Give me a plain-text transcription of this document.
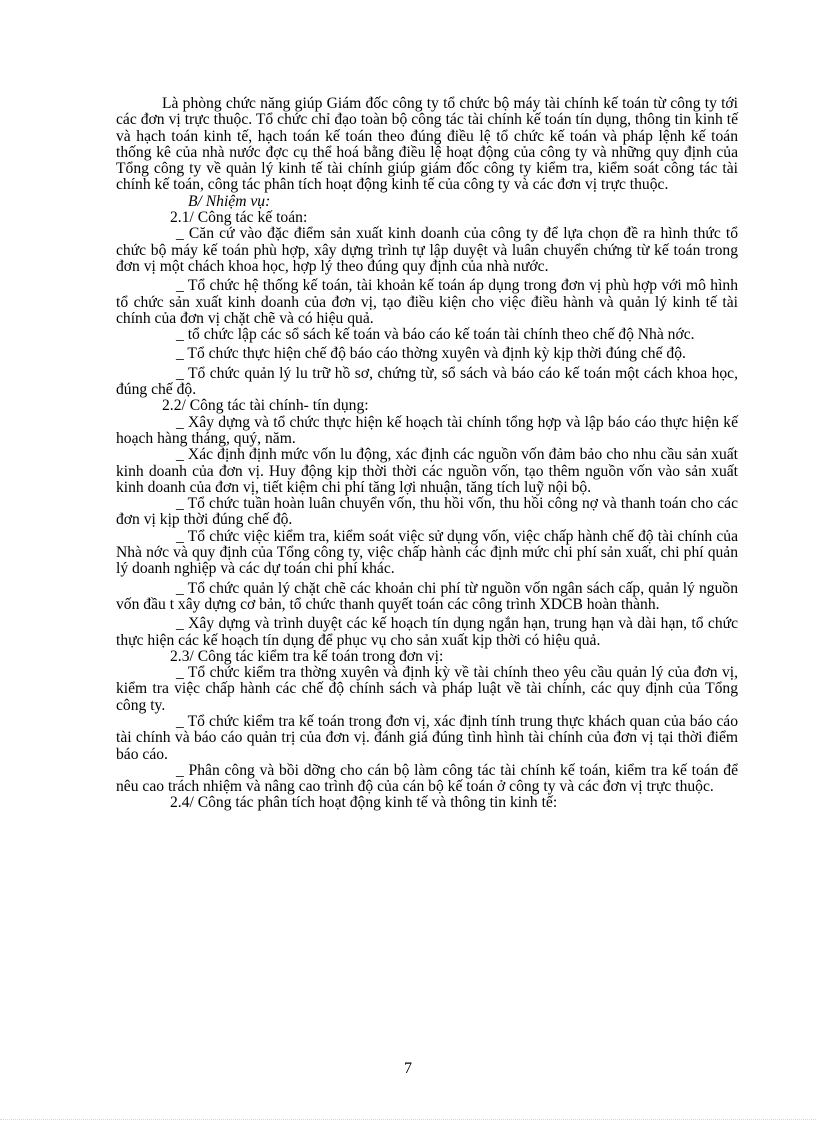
Là phòng chức năng giúp Giám đốc công ty tổ chức bộ máy tài chính kế toán từ công ty tới các đơn vị trực thuộc. Tổ chức chỉ đạo toàn bộ công tác tài chính kế toán tín dụng, thông tin kinh tế và hạch toán kinh tế, hạch toán kế toán theo đúng điều lệ tổ chức kế toán và pháp lệnh kế toán thống kê của nhà nước đợc cụ thể hoá bằng điều lệ hoạt động của công ty và những quy định của Tổng công ty về quản lý kinh tế tài chính giúp giám đốc công ty kiểm tra, kiểm soát công tác tài chính kế toán, công tác phân tích hoạt động kinh tế của công ty và các đơn vị trực thuộc.

B/ Nhiệm vụ:

2.1/ Công tác kế toán:

_ Căn cứ vào đặc điểm sản xuất kinh doanh của công ty để lựa chọn đề ra hình thức tổ chức bộ máy kế toán phù hợp, xây dựng trình tự lập duyệt và luân chuyển chứng từ kế toán trong đơn vị một chách khoa học, hợp lý theo đúng quy định của nhà nước.

_ Tổ chức hệ thống kế toán, tài khoản kế toán áp dụng trong đơn vị phù hợp với mô hình tổ chức sản xuất kinh doanh của đơn vị, tạo điều kiện cho việc điều hành và quản lý kinh tế tài chính của đơn vị chặt chẽ và có hiệu quả.

_ tổ chức lập các sổ sách kế toán và báo cáo kế toán tài chính theo chế độ Nhà nớc.

_ Tổ chức thực hiện chế độ báo cáo thờng xuyên và định kỳ kịp thời đúng chế độ.

_ Tổ chức quản lý lu trữ hồ sơ, chứng từ, sổ sách và báo cáo kế toán một cách khoa học, đúng chế độ.

2.2/ Công tác tài chính- tín dụng:

_ Xây dựng và tổ chức thực hiện kế hoạch tài chính tổng hợp và lập báo cáo thực hiện kế hoạch hàng tháng, quý, năm.

_ Xác định định mức vốn lu động, xác định các nguồn vốn đảm bảo cho nhu cầu sản xuất kinh doanh của đơn vị. Huy động kịp thời thời các nguồn vốn, tạo thêm nguồn vốn vào sản xuất kinh doanh của đơn vị, tiết kiệm chi phí tăng lợi nhuận, tăng tích luỹ nội bộ.

_ Tổ chức tuần hoàn luân chuyển vốn, thu hồi vốn, thu hồi công nợ và thanh toán cho các đơn vị kịp thời đúng chế độ.

_ Tổ chức việc kiểm tra, kiểm soát việc sử dụng vốn, việc chấp hành chế độ tài chính của Nhà nớc và quy định của Tổng công ty, việc chấp hành các định mức chi phí sản xuất, chi phí quản lý doanh nghiệp và các dự toán chi phí khác.

_ Tổ chức quản lý chặt chẽ các khoản chi phí từ nguồn vốn ngân sách cấp, quản lý nguồn vốn đầu t xây dựng cơ bản, tổ chức thanh quyết toán các công trình XDCB hoàn thành.

_ Xây dựng và trình duyệt các kế hoạch tín dụng ngắn hạn, trung hạn và dài hạn, tổ chức thực hiện các kế hoạch tín dụng để phục vụ cho sản xuất kịp thời có hiệu quả.

2.3/ Công tác kiểm tra kế toán trong đơn vị:

_ Tổ chức kiểm tra thờng xuyên và định kỳ về tài chính theo yêu cầu quản lý của đơn vị, kiểm tra việc chấp hành các chế độ chính sách và pháp luật về tài chính, các quy định của Tổng công ty.

_ Tổ chức kiểm tra kế toán trong đơn vị, xác định tính trung thực khách quan của báo cáo tài chính và báo cáo quản trị của đơn vị. đánh giá đúng tình hình tài chính của đơn vị tại thời điểm báo cáo.

_ Phân công và bồi dỡng cho cán bộ làm công tác tài chính kế toán, kiểm tra kế toán để nêu cao trách nhiệm và nâng cao trình độ của cán bộ kế toán ở công ty và các đơn vị trực thuộc.

2.4/ Công tác phân tích hoạt động kinh tế và thông tin kinh tế:

7
